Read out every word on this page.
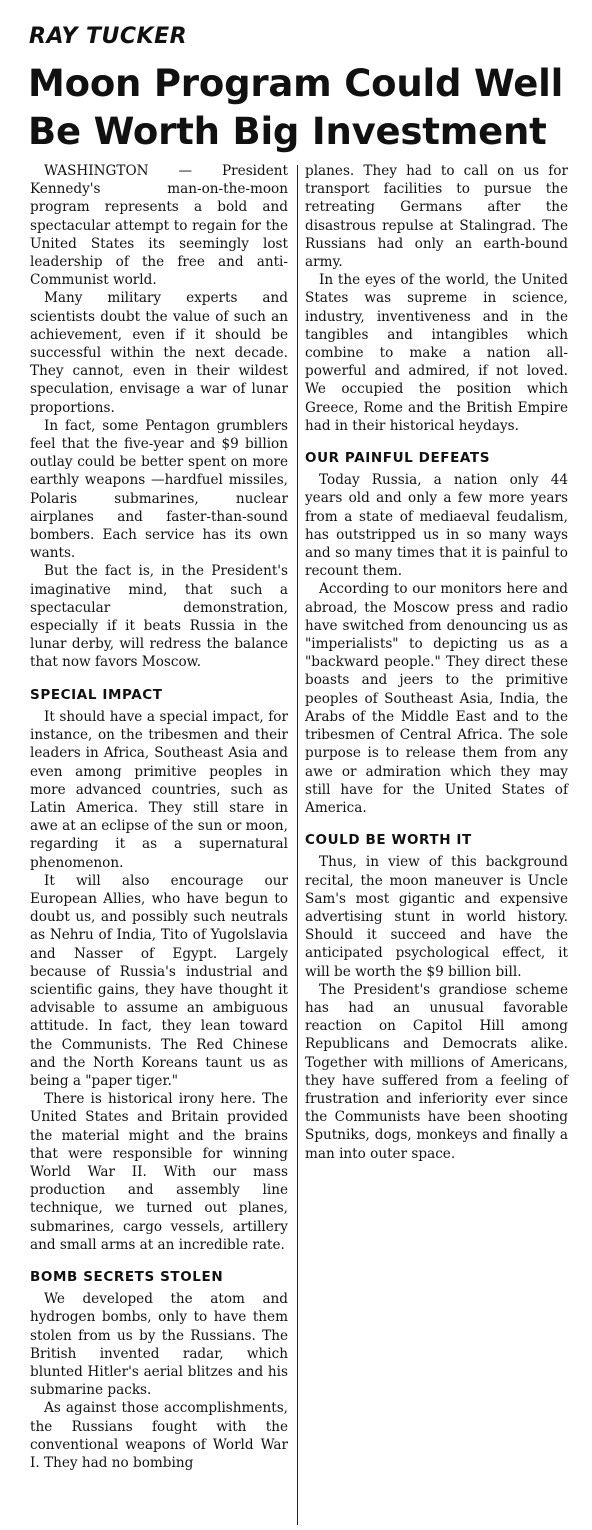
RAY TUCKER
Moon Program Could Well
Be Worth Big Investment

WASHINGTON — President Kennedy's man-on-the-moon program represents a bold and spectacular attempt to regain for the United States its seemingly lost leadership of the free and anti-Communist world.

Many military experts and scientists doubt the value of such an achievement, even if it should be successful within the next decade. They cannot, even in their wildest speculation, envisage a war of lunar proportions.

In fact, some Pentagon grumblers feel that the five-year and $9 billion outlay could be better spent on more earthly weapons —hardfuel missiles, Polaris submarines, nuclear airplanes and faster-than-sound bombers. Each service has its own wants.

But the fact is, in the President's imaginative mind, that such a spectacular demonstration, especially if it beats Russia in the lunar derby, will redress the balance that now favors Moscow.

SPECIAL IMPACT

It should have a special impact, for instance, on the tribesmen and their leaders in Africa, Southeast Asia and even among primitive peoples in more advanced countries, such as Latin America. They still stare in awe at an eclipse of the sun or moon, regarding it as a supernatural phenomenon.

It will also encourage our European Allies, who have begun to doubt us, and possibly such neutrals as Nehru of India, Tito of Yugolslavia and Nasser of Egypt. Largely because of Russia's industrial and scientific gains, they have thought it advisable to assume an ambiguous attitude. In fact, they lean toward the Communists. The Red Chinese and the North Koreans taunt us as being a "paper tiger."

There is historical irony here. The United States and Britain provided the material might and the brains that were responsible for winning World War II. With our mass production and assembly line technique, we turned out planes, submarines, cargo vessels, artillery and small arms at an incredible rate.

BOMB SECRETS STOLEN

We developed the atom and hydrogen bombs, only to have them stolen from us by the Russians. The British invented radar, which blunted Hitler's aerial blitzes and his submarine packs.

As against those accomplishments, the Russians fought with the conventional weapons of World War I. They had no bombing

planes. They had to call on us for transport facilities to pursue the retreating Germans after the disastrous repulse at Stalingrad. The Russians had only an earth-bound army.

In the eyes of the world, the United States was supreme in science, industry, inventiveness and in the tangibles and intangibles which combine to make a nation all-powerful and admired, if not loved. We occupied the position which Greece, Rome and the British Empire had in their historical heydays.

OUR PAINFUL DEFEATS

Today Russia, a nation only 44 years old and only a few more years from a state of mediaeval feudalism, has outstripped us in so many ways and so many times that it is painful to recount them.

According to our monitors here and abroad, the Moscow press and radio have switched from denouncing us as "imperialists" to depicting us as a "backward people." They direct these boasts and jeers to the primitive peoples of Southeast Asia, India, the Arabs of the Middle East and to the tribesmen of Central Africa. The sole purpose is to release them from any awe or admiration which they may still have for the United States of America.

COULD BE WORTH IT

Thus, in view of this background recital, the moon maneuver is Uncle Sam's most gigantic and expensive advertising stunt in world history. Should it succeed and have the anticipated psychological effect, it will be worth the $9 billion bill.

The President's grandiose scheme has had an unusual favorable reaction on Capitol Hill among Republicans and Democrats alike. Together with millions of Americans, they have suffered from a feeling of frustration and inferiority ever since the Communists have been shooting Sputniks, dogs, monkeys and finally a man into outer space.
